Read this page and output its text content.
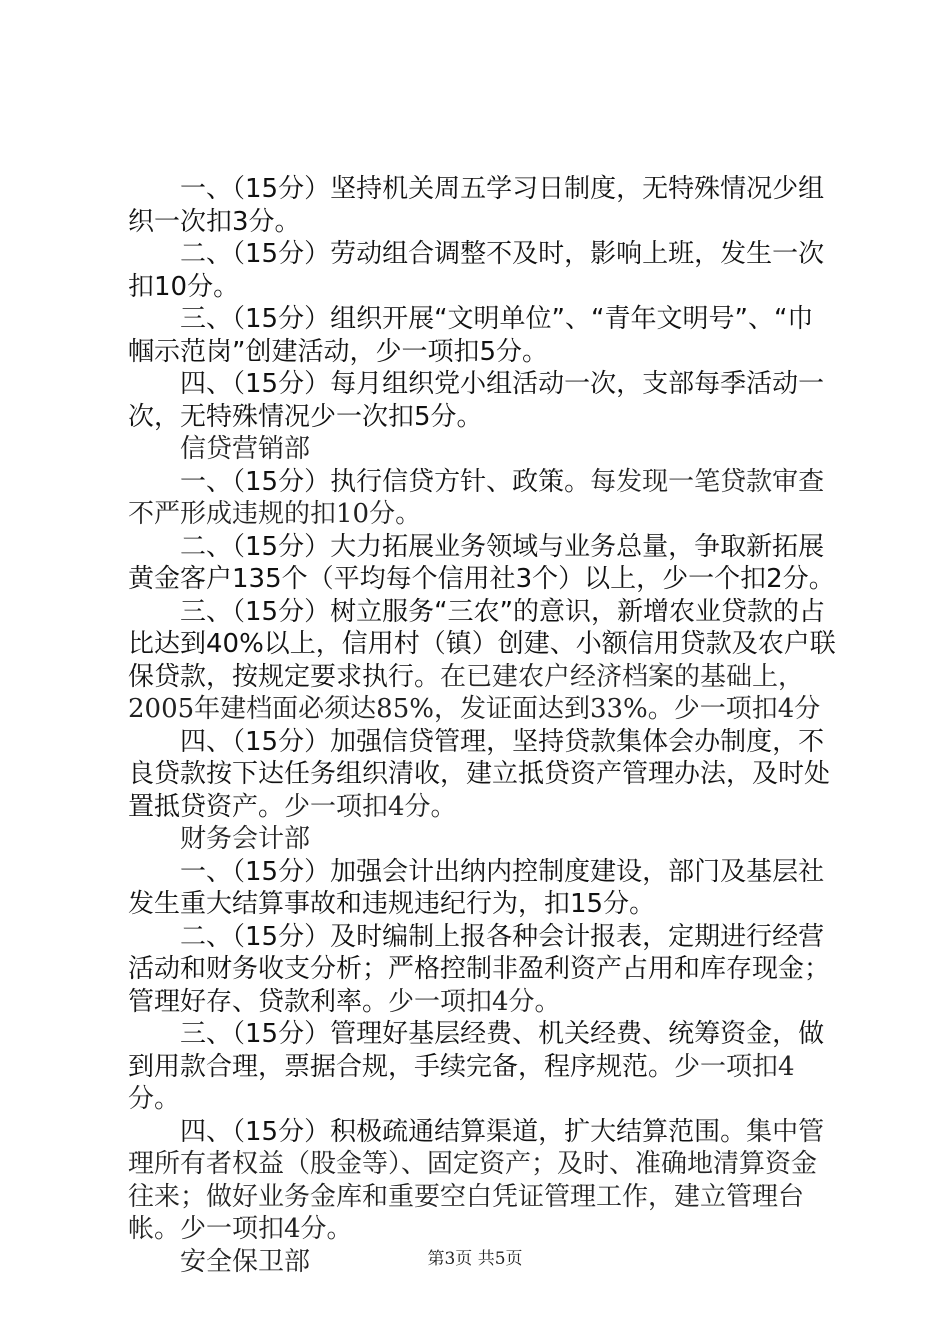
一、（15分）坚持机关周五学习日制度，无特殊情况少组织一次扣3分。

二、（15分）劳动组合调整不及时，影响上班，发生一次扣10分。

三、（15分）组织开展“文明单位”、“青年文明号”、“巾帼示范岗”创建活动，少一项扣5分。

四、（15分）每月组织党小组活动一次，支部每季活动一次，无特殊情况少一次扣5分。

信贷营销部

一、（15分）执行信贷方针、政策。每发现一笔贷款审查不严形成违规的扣10分。

二、（15分）大力拓展业务领域与业务总量，争取新拓展黄金客户135个（平均每个信用社3个）以上，少一个扣2分。

三、（15分）树立服务“三农”的意识，新增农业贷款的占比达到40%以上，信用村（镇）创建、小额信用贷款及农户联保贷款，按规定要求执行。在已建农户经济档案的基础上，2005年建档面必须达85%，发证面达到33%。少一项扣4分

四、（15分）加强信贷管理，坚持贷款集体会办制度，不良贷款按下达任务组织清收，建立抵贷资产管理办法，及时处置抵贷资产。少一项扣4分。

财务会计部

一、（15分）加强会计出纳内控制度建设，部门及基层社发生重大结算事故和违规违纪行为，扣15分。

二、（15分）及时编制上报各种会计报表，定期进行经营活动和财务收支分析；严格控制非盈利资产占用和库存现金；管理好存、贷款利率。少一项扣4分。

三、（15分）管理好基层经费、机关经费、统筹资金，做到用款合理，票据合规，手续完备，程序规范。少一项扣4分。

四、（15分）积极疏通结算渠道，扩大结算范围。集中管理所有者权益（股金等）、固定资产；及时、准确地清算资金往来；做好业务金库和重要空白凭证管理工作，建立管理台帐。少一项扣4分。

安全保卫部	第3页 共5页
